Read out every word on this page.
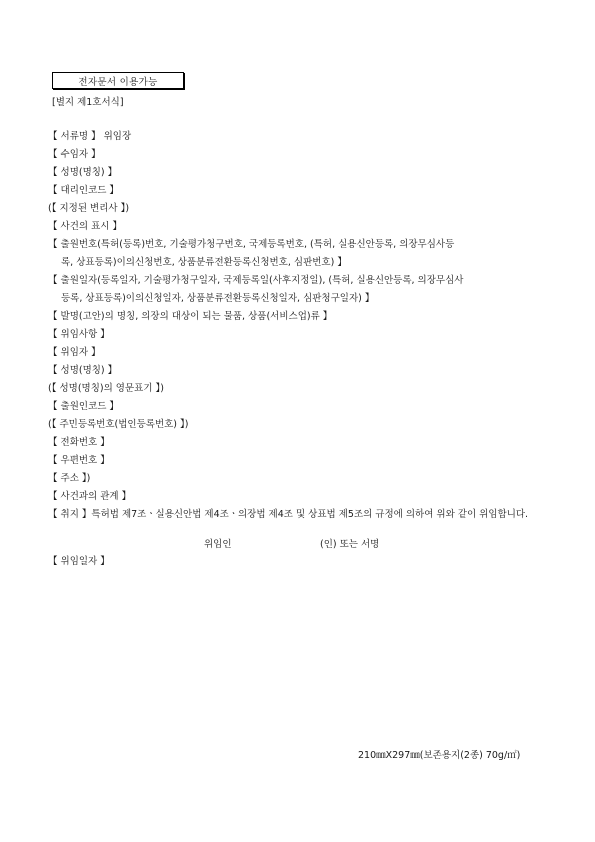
전자문서 이용가능
[별지 제1호서식]
【 서류명 】 위임장
【 수임자 】
【 성명(명칭) 】
【 대리인코드 】
(【 지정된 변리사 】)
【 사건의 표시 】
【 출원번호(특허(등록)번호, 기술평가청구번호, 국제등록번호, (특허, 실용신안등록, 의장무심사등
록, 상표등록)이의신청번호, 상품분류전환등록신청번호, 심판번호) 】
【 출원일자(등록일자, 기술평가청구일자, 국제등록일(사후지정일), (특허, 실용신안등록, 의장무심사
등록, 상표등록)이의신청일자, 상품분류전환등록신청일자, 심판청구일자) 】
【 발명(고안)의 명칭, 의장의 대상이 되는 물품, 상품(서비스업)류 】
【 위임사항 】
【 위임자 】
【 성명(명칭) 】
(【 성명(명칭)의 영문표기 】)
【 출원인코드 】
(【 주민등록번호(법인등록번호) 】)
【 전화번호 】
【 우편번호 】
【 주소 】)
【 사건과의 관계 】
【 취지 】특허법 제7조ㆍ실용신안법 제4조ㆍ의장법 제4조 및 상표법 제5조의 규정에 의하여 위와 같이 위임합니다.
위임인	(인) 또는 서명
【 위임일자 】
210㎜X297㎜(보존용지(2종) 70g/㎡)
